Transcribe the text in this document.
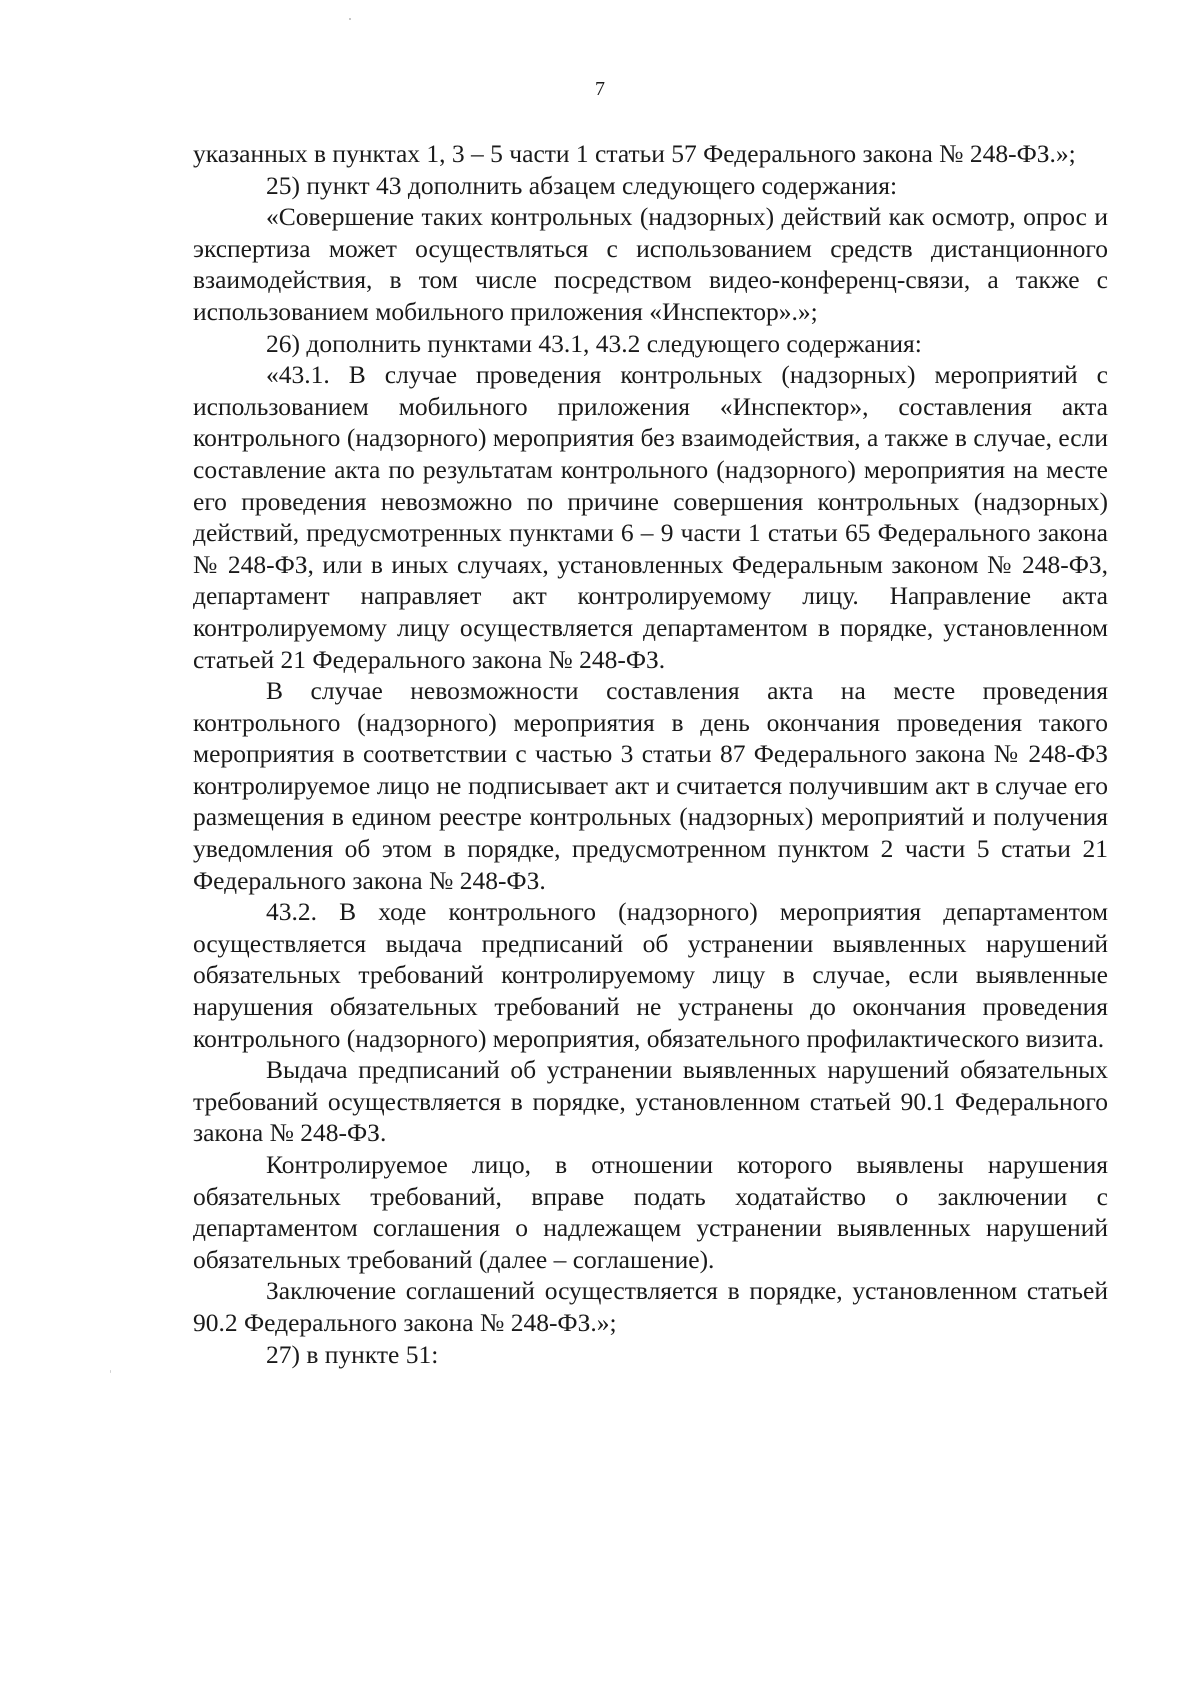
7

указанных в пунктах 1, 3 – 5 части 1 статьи 57 Федерального закона № 248-ФЗ.»;

25) пункт 43 дополнить абзацем следующего содержания:

«Совершение таких контрольных (надзорных) действий как осмотр, опрос и экспертиза может осуществляться с использованием средств дистанционного взаимодействия, в том числе посредством видео-конференц-связи, а также с использованием мобильного приложения «Инспектор».»;

26) дополнить пунктами 43.1, 43.2 следующего содержания:

«43.1. В случае проведения контрольных (надзорных) мероприятий с использованием мобильного приложения «Инспектор», составления акта контрольного (надзорного) мероприятия без взаимодействия, а также в случае, если составление акта по результатам контрольного (надзорного) мероприятия на месте его проведения невозможно по причине совершения контрольных (надзорных) действий, предусмотренных пунктами 6 – 9 части 1 статьи 65 Федерального закона № 248-ФЗ, или в иных случаях, установленных Федеральным законом № 248-ФЗ, департамент направляет акт контролируемому лицу. Направление акта контролируемому лицу осуществляется департаментом в порядке, установленном статьей 21 Федерального закона № 248-ФЗ.

В случае невозможности составления акта на месте проведения контрольного (надзорного) мероприятия в день окончания проведения такого мероприятия в соответствии с частью 3 статьи 87 Федерального закона № 248-ФЗ контролируемое лицо не подписывает акт и считается получившим акт в случае его размещения в едином реестре контрольных (надзорных) мероприятий и получения уведомления об этом в порядке, предусмотренном пунктом 2 части 5 статьи 21 Федерального закона № 248-ФЗ.

43.2. В ходе контрольного (надзорного) мероприятия департаментом осуществляется выдача предписаний об устранении выявленных нарушений обязательных требований контролируемому лицу в случае, если выявленные нарушения обязательных требований не устранены до окончания проведения контрольного (надзорного) мероприятия, обязательного профилактического визита.

Выдача предписаний об устранении выявленных нарушений обязательных требований осуществляется в порядке, установленном статьей 90.1 Федерального закона № 248-ФЗ.

Контролируемое лицо, в отношении которого выявлены нарушения обязательных требований, вправе подать ходатайство о заключении с департаментом соглашения о надлежащем устранении выявленных нарушений обязательных требований (далее – соглашение).

Заключение соглашений осуществляется в порядке, установленном статьей 90.2 Федерального закона № 248-ФЗ.»;

27) в пункте 51:
